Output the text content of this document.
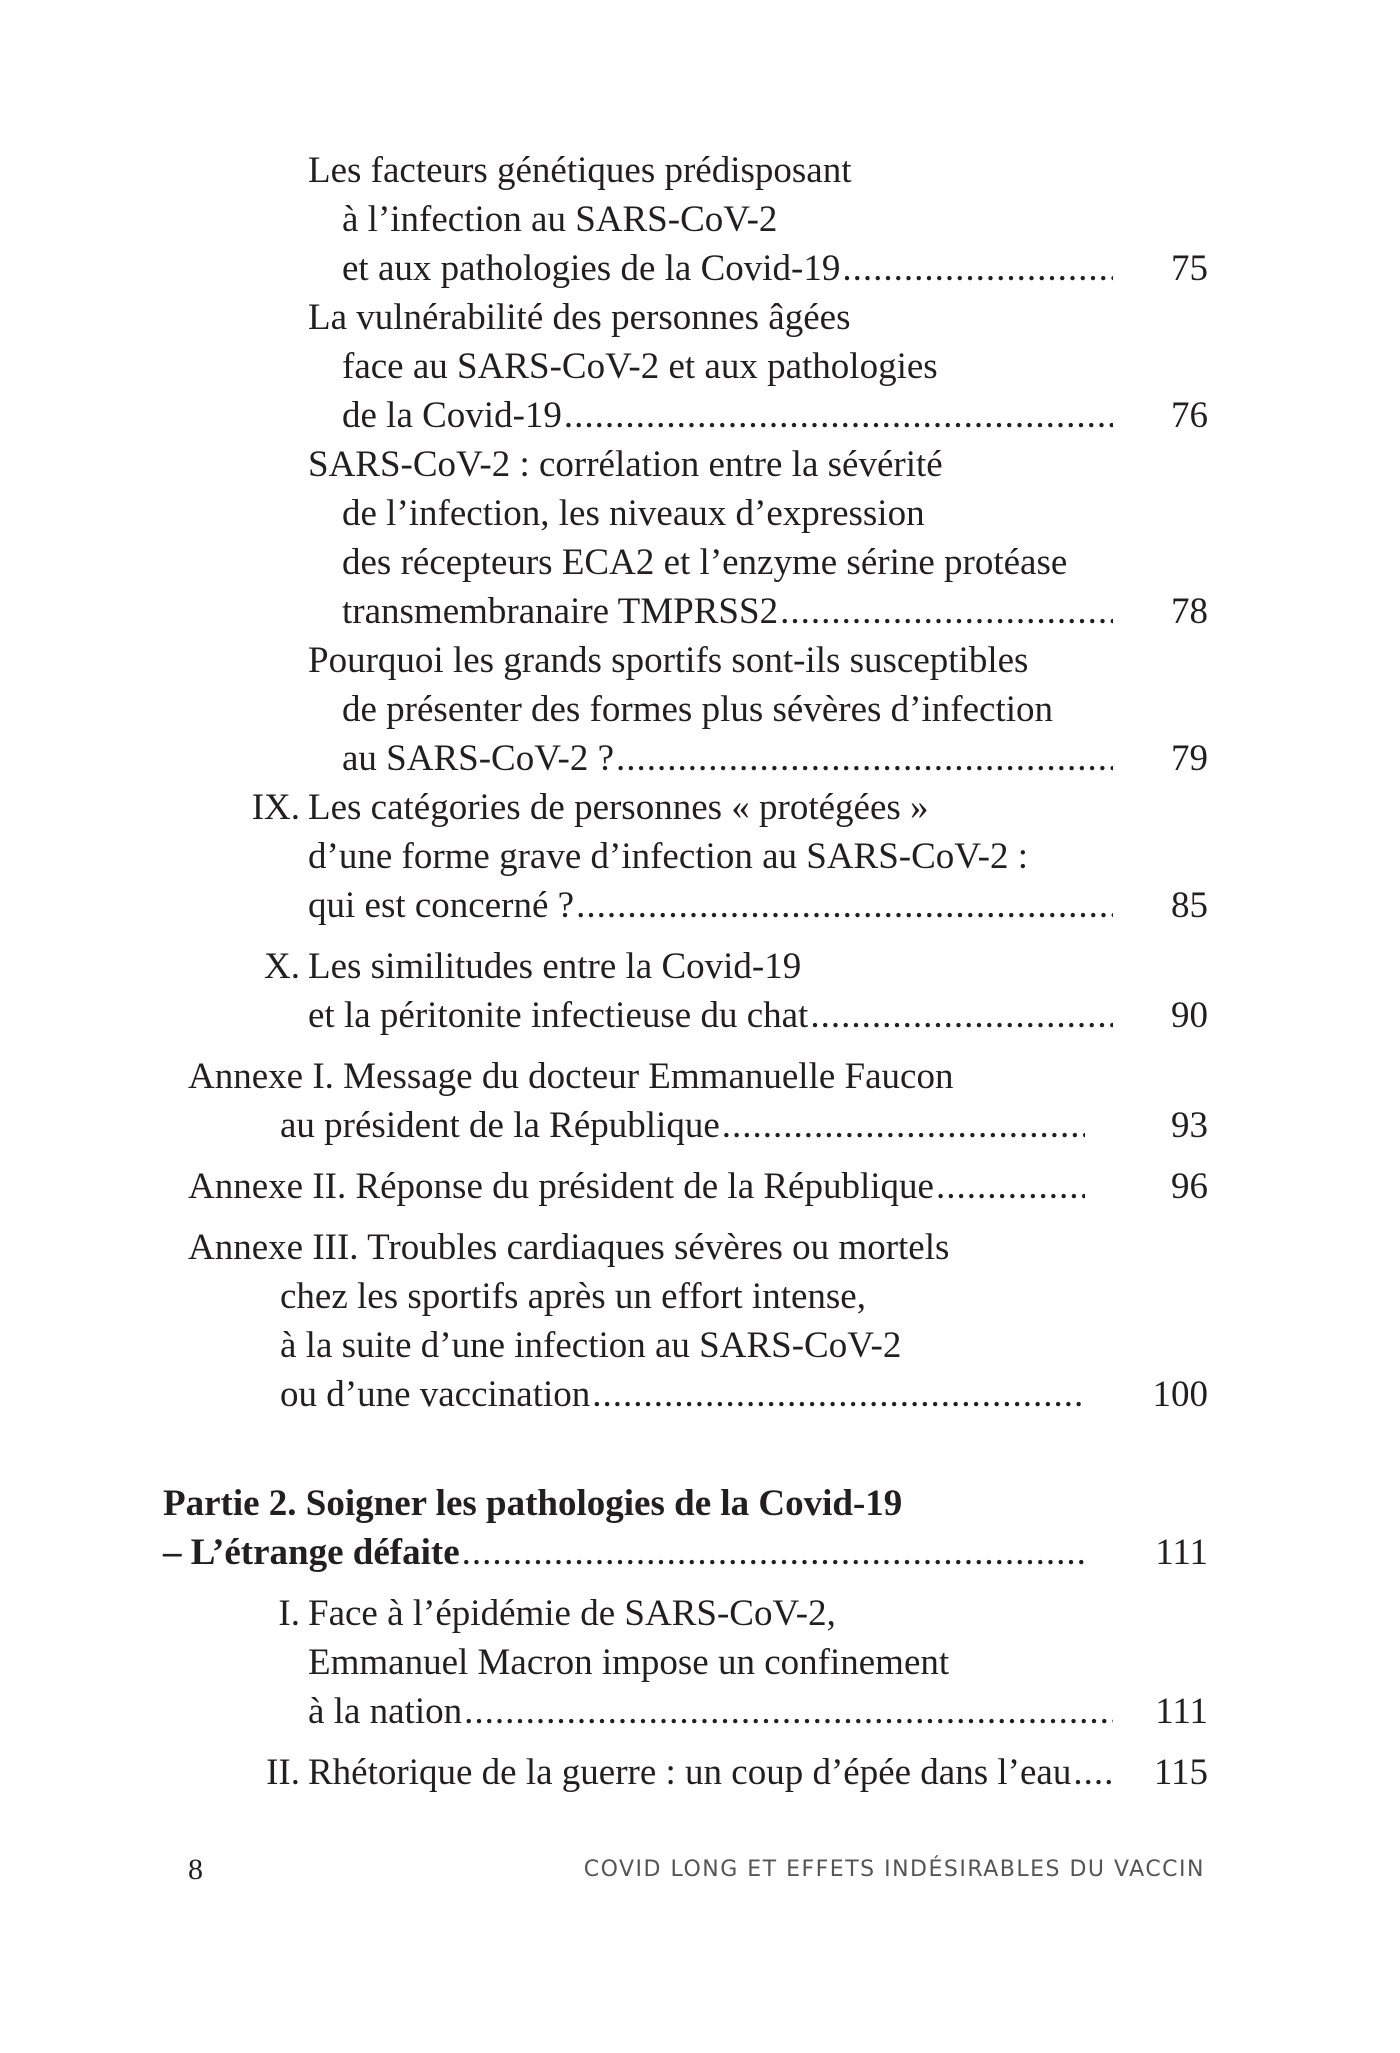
Les facteurs génétiques prédisposant
à l’infection au SARS-CoV-2
et aux pathologies de la Covid-19 .....	75
La vulnérabilité des personnes âgées
face au SARS-CoV-2 et aux pathologies
de la Covid-19 .....	76
SARS-CoV-2 : corrélation entre la sévérité
de l’infection, les niveaux d’expression
des récepteurs ECA2 et l’enzyme sérine protéase
transmembranaire TMPRSS2 .....	78
Pourquoi les grands sportifs sont-ils susceptibles
de présenter des formes plus sévères d’infection
au SARS-CoV-2 ? .....	79
IX. Les catégories de personnes « protégées »
d’une forme grave d’infection au SARS-CoV-2 :
qui est concerné ? .....	85
X. Les similitudes entre la Covid-19
et la péritonite infectieuse du chat .....	90
Annexe I. Message du docteur Emmanuelle Faucon
au président de la République .....	93
Annexe II. Réponse du président de la République .....	96
Annexe III. Troubles cardiaques sévères ou mortels
chez les sportifs après un effort intense,
à la suite d’une infection au SARS-CoV-2
ou d’une vaccination .....	100
Partie 2. Soigner les pathologies de la Covid-19
– L’étrange défaite .....	111
I. Face à l’épidémie de SARS-CoV-2,
Emmanuel Macron impose un confinement
à la nation .....	111
II. Rhétorique de la guerre : un coup d’épée dans l’eau .....	115
8	COVID LONG ET EFFETS INDÉSIRABLES DU VACCIN
